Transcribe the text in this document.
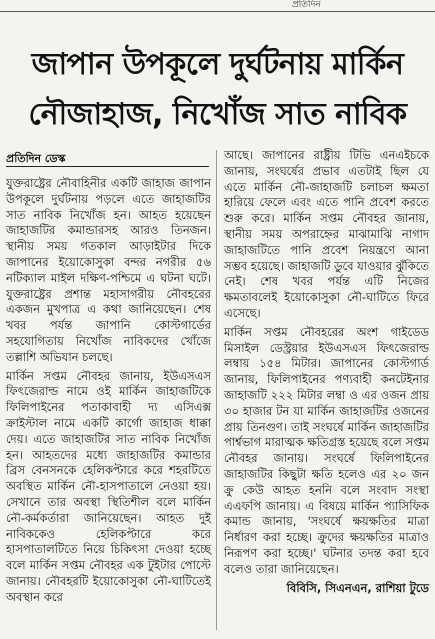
প্রতিদিন
জাপান উপকূলে দুর্ঘটনায় মার্কিন
নৌজাহাজ, নিখোঁজ সাত নাবিক
প্রতিদিন ডেস্ক

যুক্তরাষ্ট্রের নৌবাহিনীর একটি জাহাজ জাপান উপকূলে দুর্ঘটনায় পড়লে এতে জাহাজটির সাত নাবিক নিখোঁজ হন। আহত হয়েছেন জাহাজটির কমান্ডারসহ আরও তিনজন। স্থানীয় সময় গতকাল আড়াইটার দিকে জাপানের ইয়োকোসুকা বন্দর নগরীর ৫৬ নটিক্যাল মাইল দক্ষিণ-পশ্চিমে এ ঘটনা ঘটে। যুক্তরাষ্ট্রের প্রশান্ত মহাসাগরীয় নৌবহরের একজন মুখপাত্র এ কথা জানিয়েছেন। শেষ খবর পর্যন্ত জাপানি কোস্টগার্ডের সহযোগিতায় নিখোঁজ নাবিকদের খোঁজে তল্লাশি অভিযান চলছে।

মার্কিন সপ্তম নৌবহর জানায়, ইউএসএস ফিৎজেরাল্ড নামে ওই মার্কিন জাহাজটিকে ফিলিপাইনের পতাকাবাহী দ্য এসিএক্স ক্রাইস্টাল নামে একটি কার্গো জাহাজ ধাক্কা দেয়। এতে জাহাজটির সাত নাবিক নিখোঁজ হন। আহতদের মধ্যে জাহাজটির কমান্ডার ব্রিস বেনসনকে হেলিকপ্টারে করে শহরটিতে অবস্থিত মার্কিন নৌ-হাসপাতালে নেওয়া হয়। সেখানে তার অবস্থা স্থিতিশীল বলে মার্কিন নৌ-কর্মকর্তারা জানিয়েছেন। আহত দুই নাবিককেও হেলিকপ্টারে করে হাসপাতালটিতে নিয়ে চিকিৎসা দেওয়া হচ্ছে বলে মার্কিন সপ্তম নৌবহর এক টুইটার পোস্টে জানায়। নৌবহরটি ইয়োকোসুকা নৌ-ঘাটিতেই অবস্থান করে

আছে। জাপানের রাষ্ট্রীয় টিভি এনএইচকে জানায়, সংঘর্ষের প্রভাব এতটাই ছিল যে এতে মার্কিন নৌ-জাহাজটি চলাচল ক্ষমতা হারিয়ে ফেলে এবং এতে পানি প্রবেশ করতে শুরু করে। মার্কিন সপ্তম নৌবহর জানায়, স্থানীয় সময় অপরাহ্নের মাঝামাঝি নাগাদ জাহাজটিতে পানি প্রবেশ নিয়ন্ত্রণে আনা সম্ভব হয়েছে। জাহাজটি ডুবে যাওয়ার ঝুঁকিতে নেই। শেষ খবর পর্যন্ত এটি নিজের ক্ষমতাবলেই ইয়োকোসুকা নৌ-ঘাটিতে ফিরে এসেছে।

মার্কিন সপ্তম নৌবহরের অংশ গাইডেড মিসাইল ডেস্ট্রয়ার ইউএসএস ফিৎজেরাল্ড লম্বায় ১৫৪ মিটার। জাপানের কোস্টগার্ড জানায়, ফিলিপাইনের পণ্যবাহী কনটেইনার জাহাজটি ২২২ মিটার লম্বা ও এর ওজন প্রায় ৩০ হাজার টন যা মার্কিন জাহাজটির ওজনের প্রায় তিনগুণ। তাই সংঘর্ষে মার্কিন জাহাজটির পার্শ্বভাগ মারাত্মক ক্ষতিগ্রস্ত হয়েছে বলে সপ্তম নৌবহর জানায়। সংঘর্ষে ফিলিপাইনের জাহাজটির কিছুটা ক্ষতি হলেও এর ২০ জন ক্রু কেউ আহত হননি বলে সংবাদ সংস্থা এএফপি জানায়। এ বিষয়ে মার্কিন প্যাসিফিক কমান্ড জানায়, 'সংঘর্ষে ক্ষয়ক্ষতির মাত্রা নির্ধারণ করা হচ্ছে। ক্রুদের ক্ষয়ক্ষতির মাত্রাও নিরূপণ করা হচ্ছে।' ঘটনার তদন্ত করা হবে বলেও তারা জানিয়েছেন।

বিবিসি, সিএনএন, রাশিয়া টুডে
